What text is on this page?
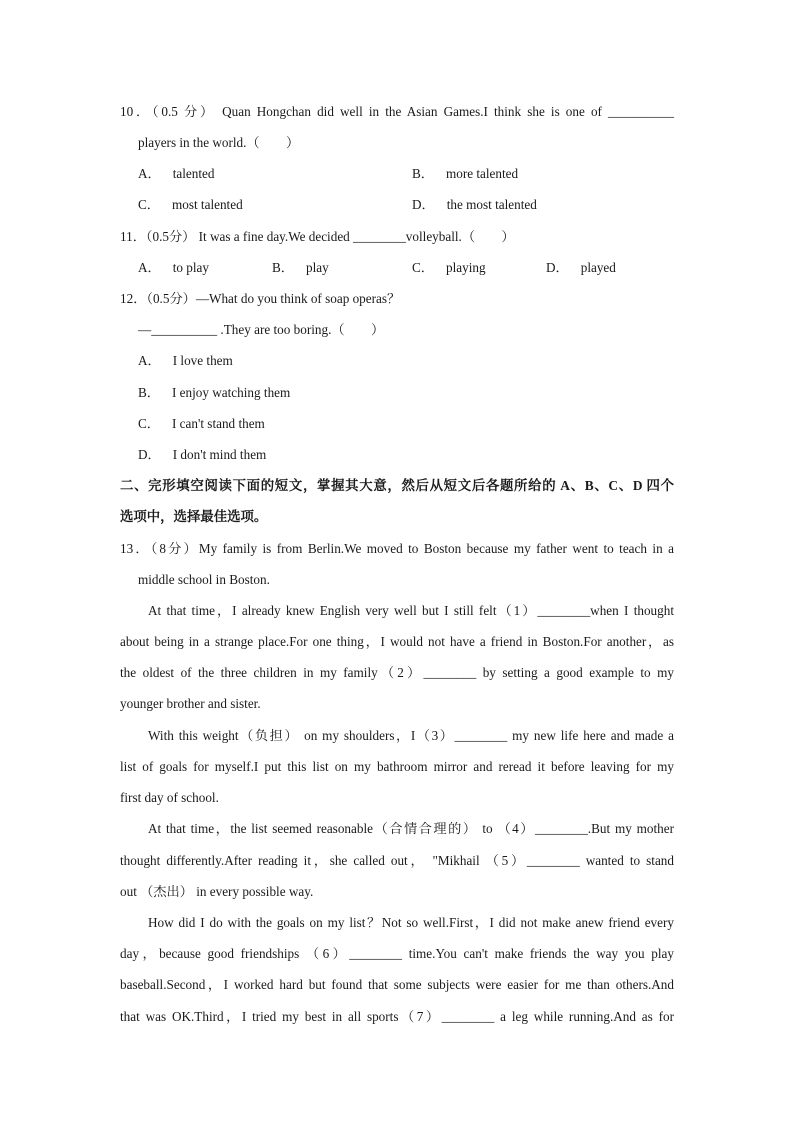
10．（0.5 分） Quan Hongchan did well in the Asian Games.I think she is one of __________
players in the world.（　　）
A． talented	B． more talented
C． most talented	D． the most talented
11．（0.5分） It was a fine day.We decided ________volleyball.（　　）
A． to play	B． play	C． playing	D． played
12．（0.5分）—What do you think of soap operas？
—__________ .They are too boring.（　　）
A． I love them
B． I enjoy watching them
C． I can't stand them
D． I don't mind them
二、完形填空阅读下面的短文，掌握其大意，然后从短文后各题所给的 A、B、C、D 四个
选项中，选择最佳选项。
13．（8分）My family is from Berlin.We moved to Boston because my father went to teach in a
middle school in Boston.
At that time，I already knew English very well but I still felt（1）________when I thought
about being in a strange place.For one thing，I would not have a friend in Boston.For another，as
the oldest of the three children in my family（2）________ by setting a good example to my
younger brother and sister.
With this weight（负担） on my shoulders，I（3）________ my new life here and made a
list of goals for myself.I put this list on my bathroom mirror and reread it before leaving for my
first day of school.
At that time，the list seemed reasonable（合情合理的） to （4）________.But my mother
thought differently.After reading it，she called out， "Mikhail （5）________ wanted to stand
out （杰出） in every possible way.
How did I do with the goals on my list？Not so well.First，I did not make anew friend every
day，because good friendships （6）________ time.You can't make friends the way you play
baseball.Second，I worked hard but found that some subjects were easier for me than others.And
that was OK.Third，I tried my best in all sports（7）________ a leg while running.And as for
